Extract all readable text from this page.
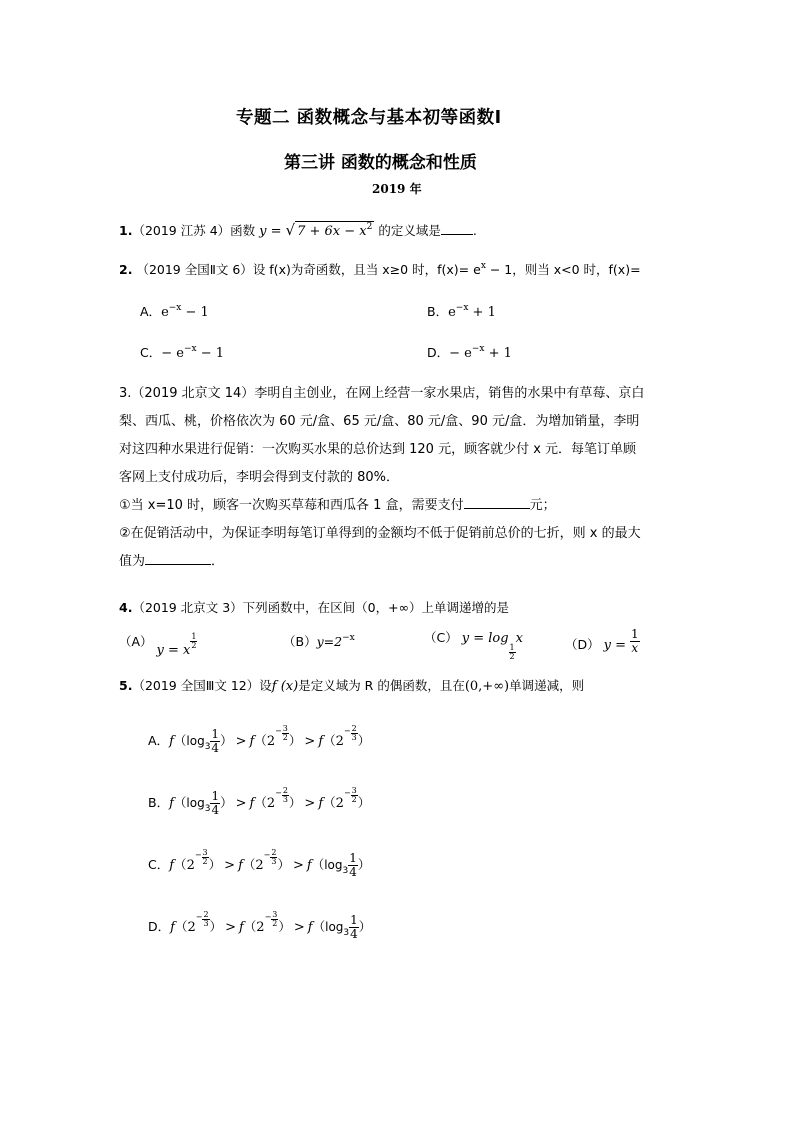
专题二 函数概念与基本初等函数Ⅰ
第三讲 函数的概念和性质
2019 年
1.（2019 江苏 4）函数 y = √ $7 + 6x - x^2$ 的定义域是	.
2. （2019 全国Ⅱ文 6）设 f(x)为奇函数，且当 x≥0 时，$f(x)= e^x - 1$，则当 x<0 时，f(x)=
A．$e^{-x} - 1$	B．$e^{-x} + 1$
C．− $e^{-x} - 1$	D．− $e^{-x} + 1$
3.（2019 北京文 14）李明自主创业，在网上经营一家水果店，销售的水果中有草莓、京白
梨、西瓜、桃，价格依次为 60 元/盒、65 元/盒、80 元/盒、90 元/盒．为增加销量，李明
对这四种水果进行促销：一次购买水果的总价达到 120 元，顾客就少付 x 元．每笔订单顾
客网上支付成功后，李明会得到支付款的 80%．
①当 x=10 时，顾客一次购买草莓和西瓜各 1 盒，需要支付	元；
②在促销活动中，为保证李明每笔订单得到的金额均不低于促销前总价的七折，则 x 的最大
值为	．
4.（2019 北京文 3）下列函数中，在区间（0，+∞）上单调递增的是
（A） y = x
$\frac{1}{2}$	$(B)y=2^{-x}$	（C） y = log
$\frac{1}{2}$
x	（D） $y = \frac{1}{x}$
5.（2019 全国Ⅲ文 12）设f (x)是定义域为 R 的偶函数，且在(0,+∞)单调递减，则
A．$f(\log_3 \frac{1}{4}$ ） > $f(2- \frac{3}{2}$ ） > $f(2- \frac{2}{3}$ ）
B．$f(\log_3 \frac{1}{4}$ ） > $f(2- \frac{2}{3}$ ） > $f(2- \frac{3}{2}$ ）
C．$f(2- \frac{3}{2}$ ） > $f(2- \frac{2}{3}$ ） > $f(\log_3 \frac{1}{4}$ ）
D．$f(2- \frac{2}{3}$ ） > $f(2- \frac{3}{2}$ ） > $f(\log_3 \frac{1}{4}$ ）
